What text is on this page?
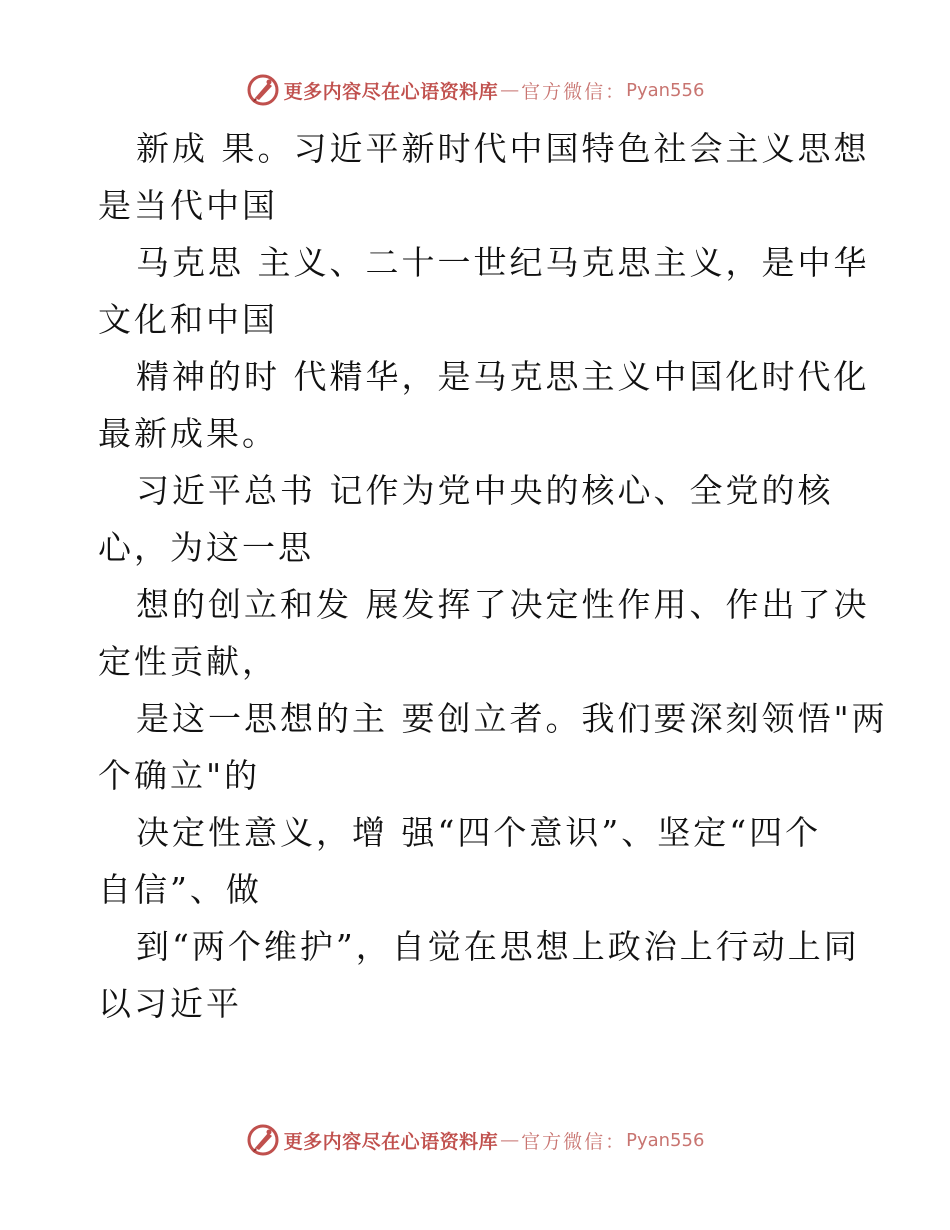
更多内容尽在心语资料库 — 官方微信： Pyan556

新成 果。习近平新时代中国特色社会主义思想
是当代中国

马克思 主义、二十一世纪马克思主义，是中华
文化和中国

精神的时 代精华，是马克思主义中国化时代化
最新成果。

习近平总书 记作为党中央的核心、全党的核
心，为这一思

想的创立和发 展发挥了决定性作用、作出了决
定性贡献，

是这一思想的主 要创立者。我们要深刻领悟"两
个确立"的

决定性意义，增 强“四个意识”、坚定“四个
自信”、做

到“两个维护”，自觉在思想上政治上行动上同
以习近平

更多内容尽在心语资料库 — 官方微信： Pyan556
